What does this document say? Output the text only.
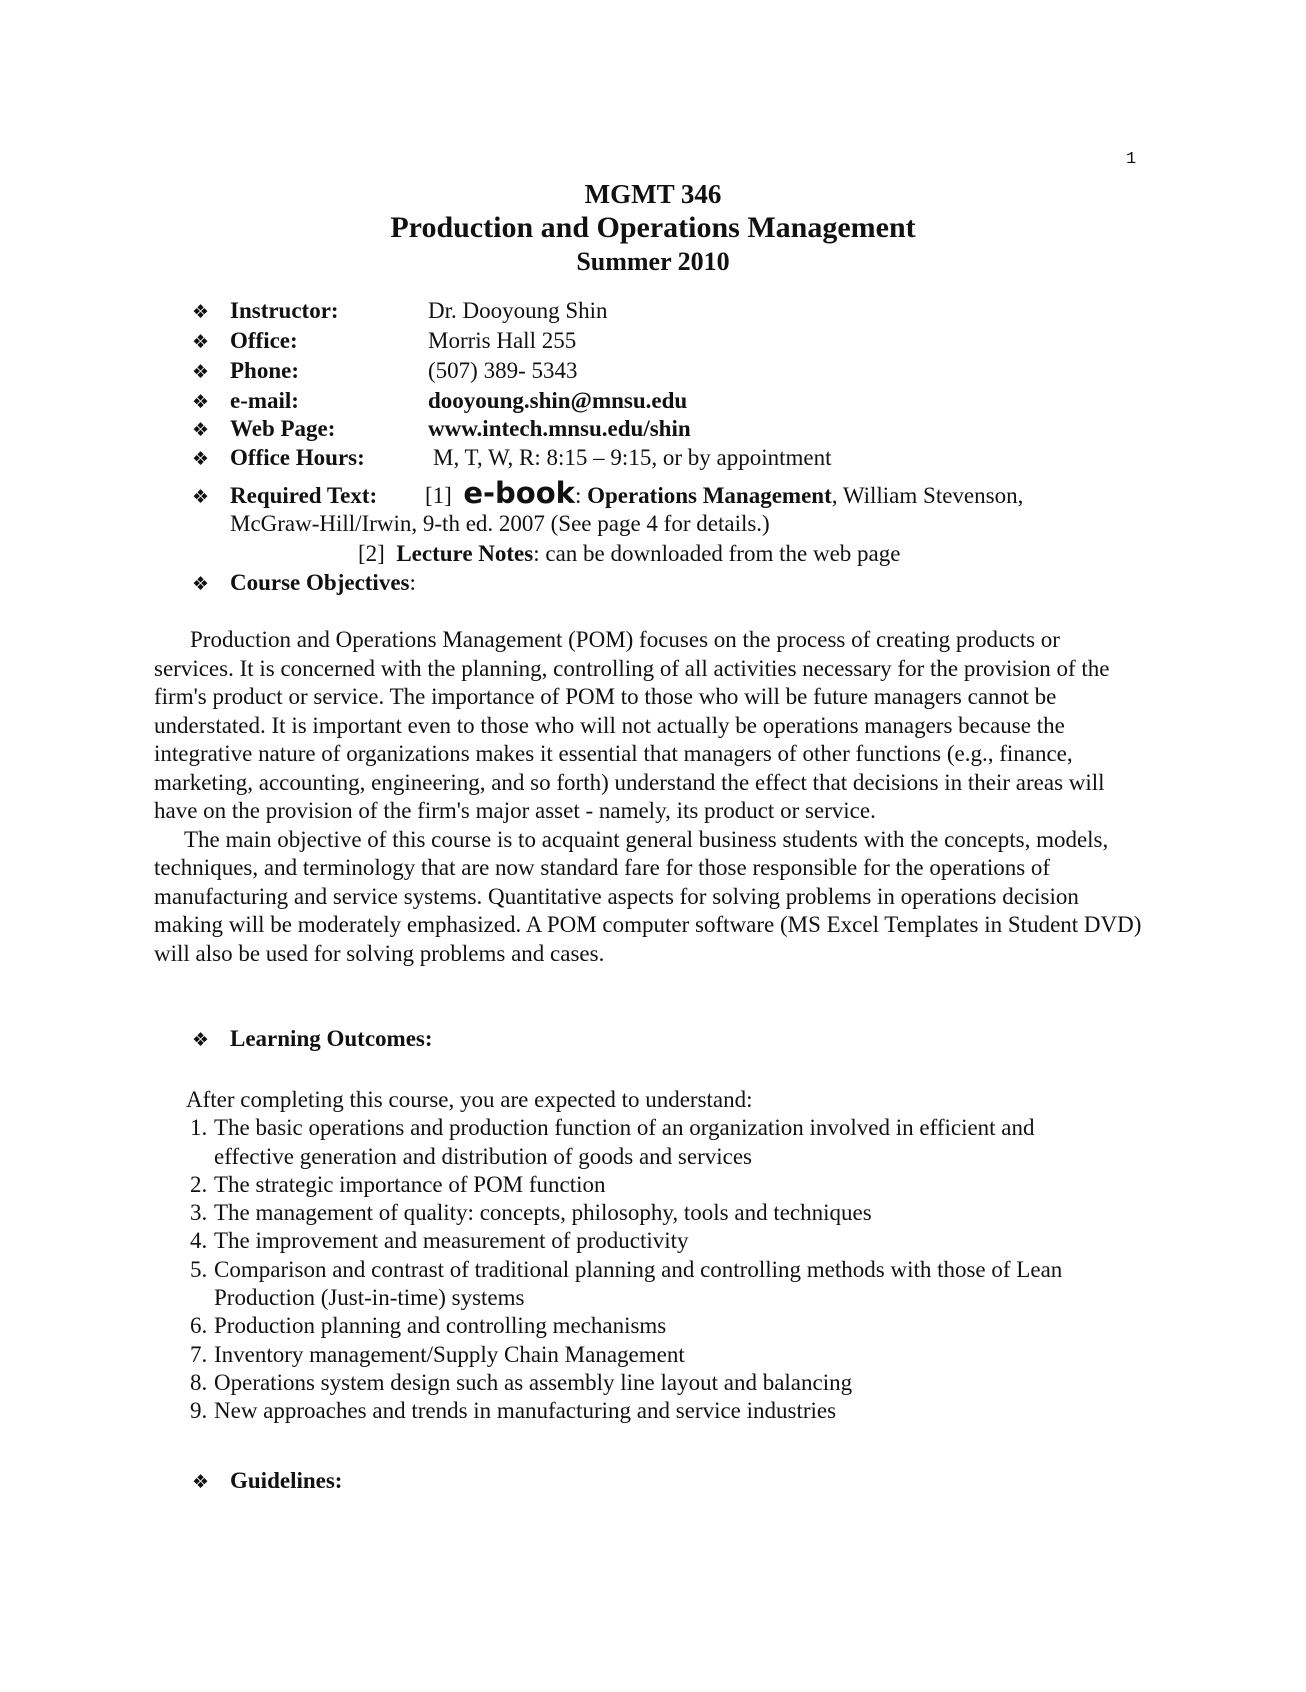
1
MGMT 346
Production and Operations Management
Summer 2010
❖ Instructor:	Dr. Dooyoung Shin
❖ Office:	Morris Hall 255
❖ Phone:	(507) 389- 5343
❖ e-mail:	dooyoung.shin@mnsu.edu
❖ Web Page:	www.intech.mnsu.edu/shin
❖ Office Hours:	M, T, W, R: 8:15 – 9:15, or by appointment
❖ Required Text: [1] e-book: Operations Management, William Stevenson,
McGraw-Hill/Irwin, 9-th ed. 2007 (See page 4 for details.)
[2] Lecture Notes: can be downloaded from the web page
❖ Course Objectives:

Production and Operations Management (POM) focuses on the process of creating products or services. It is concerned with the planning, controlling of all activities necessary for the provision of the firm's product or service. The importance of POM to those who will be future managers cannot be understated. It is important even to those who will not actually be operations managers because the integrative nature of organizations makes it essential that managers of other functions (e.g., finance, marketing, accounting, engineering, and so forth) understand the effect that decisions in their areas will have on the provision of the firm's major asset - namely, its product or service.

The main objective of this course is to acquaint general business students with the concepts, models, techniques, and terminology that are now standard fare for those responsible for the operations of manufacturing and service systems. Quantitative aspects for solving problems in operations decision making will be moderately emphasized. A POM computer software (MS Excel Templates in Student DVD) will also be used for solving problems and cases.

❖ Learning Outcomes:

After completing this course, you are expected to understand:

1. The basic operations and production function of an organization involved in efficient and effective generation and distribution of goods and services
2. The strategic importance of POM function
3. The management of quality: concepts, philosophy, tools and techniques
4. The improvement and measurement of productivity
5. Comparison and contrast of traditional planning and controlling methods with those of Lean Production (Just-in-time) systems
6. Production planning and controlling mechanisms
7. Inventory management/Supply Chain Management
8. Operations system design such as assembly line layout and balancing
9. New approaches and trends in manufacturing and service industries
❖ Guidelines:
